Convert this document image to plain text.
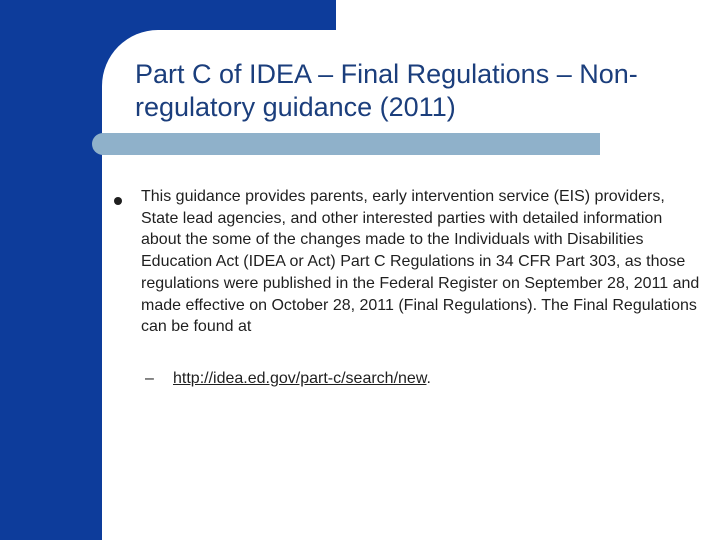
Part C of IDEA – Final Regulations – Non-regulatory guidance (2011)

This guidance provides parents, early intervention service (EIS) providers, State lead agencies, and other interested parties with detailed information about the some of the changes made to the Individuals with Disabilities Education Act (IDEA or Act) Part C Regulations in 34 CFR Part 303, as those regulations were published in the Federal Register on September 28, 2011 and made effective on October 28, 2011 (Final Regulations). The Final Regulations can be found at

– http://idea.ed.gov/part-c/search/new.
